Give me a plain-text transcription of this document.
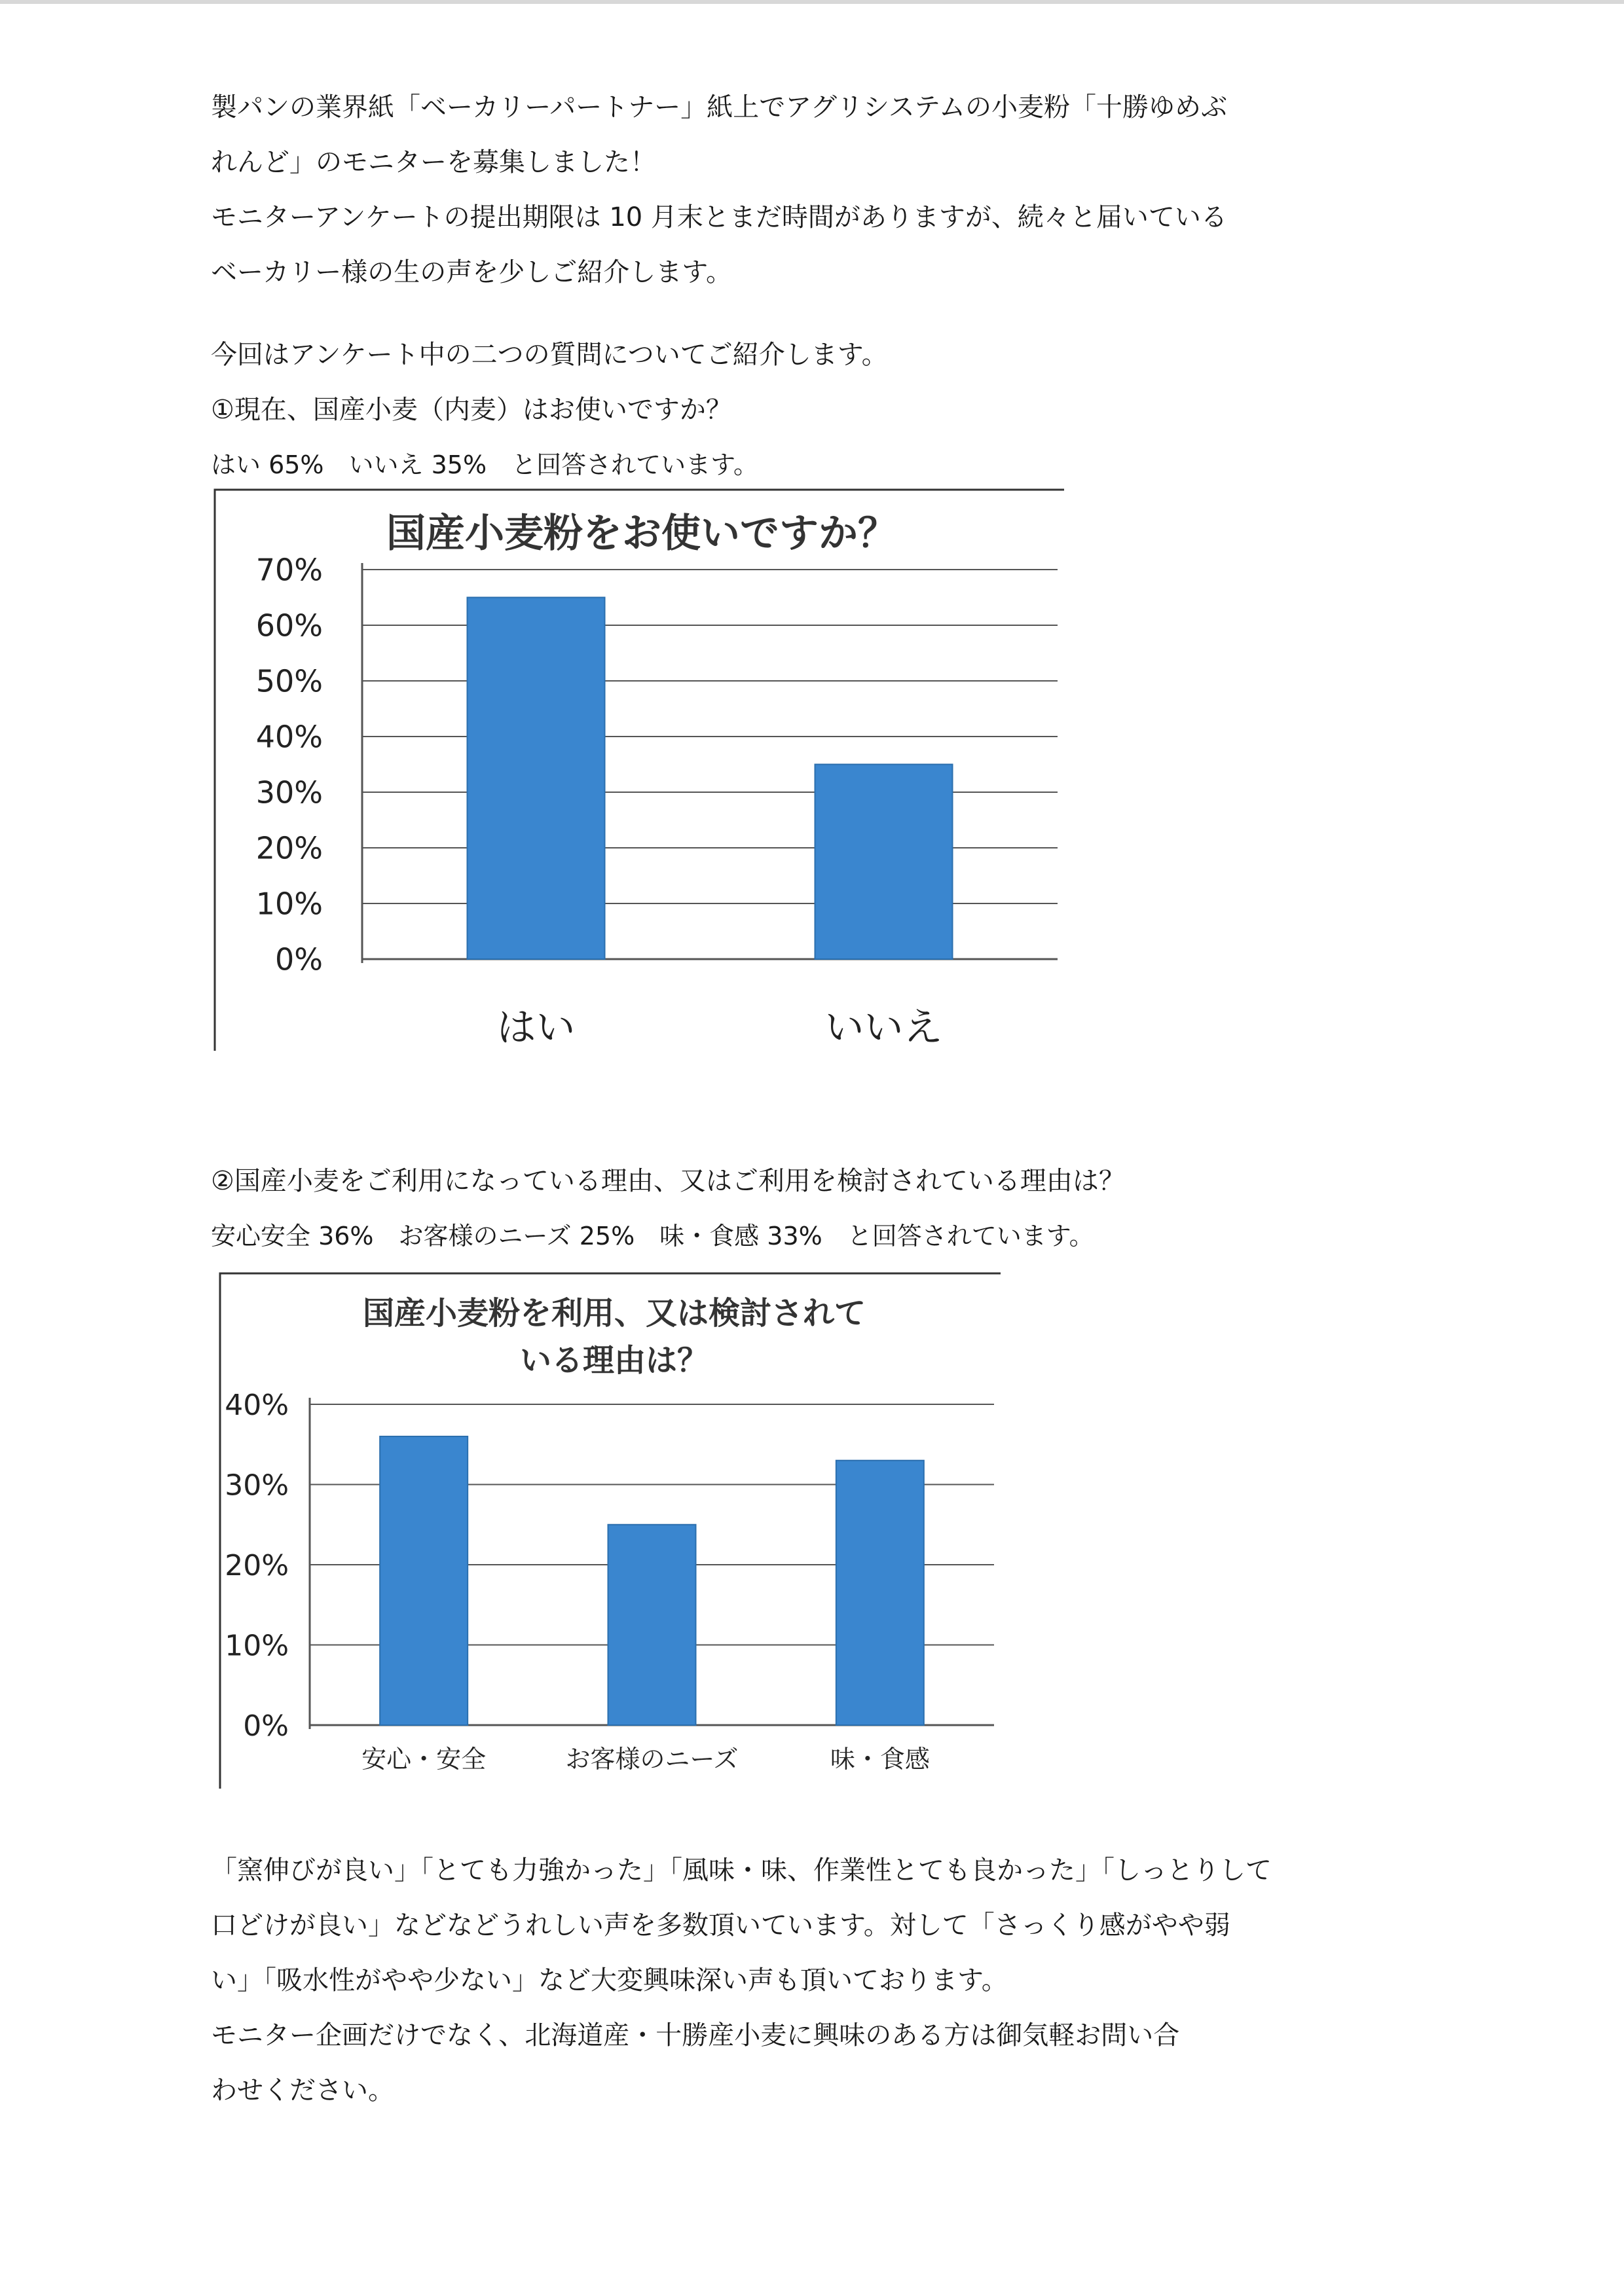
製パンの業界紙「ベーカリーパートナー」紙上でアグリシステムの小麦粉「十勝ゆめぶ

れんど」のモニターを募集しました！

モニターアンケートの提出期限は 10 月末とまだ時間がありますが、続々と届いている

ベーカリー様の生の声を少しご紹介します。

今回はアンケート中の二つの質問についてご紹介します。

①現在、国産小麦（内麦）はお使いですか？

はい 65%　いいえ 35%　と回答されています。

国産小麦粉をお使いですか？
0%
10%
20%
30%
40%
50%
60%
70%
はい	いいえ

②国産小麦をご利用になっている理由、又はご利用を検討されている理由は？

安心安全 36%　お客様のニーズ 25%　味・食感 33%　と回答されています。

国産小麦粉を利用、又は検討されて
いる理由は？
0%
10%
20%
30%
40%
安心・安全	お客様のニーズ	味・食感

「窯伸びが良い」「とても力強かった」「風味・味、作業性とても良かった」「しっとりして

口どけが良い」などなどうれしい声を多数頂いています。対して「さっくり感がやや弱

い」「吸水性がやや少ない」など大変興味深い声も頂いております。

モニター企画だけでなく、北海道産・十勝産小麦に興味のある方は御気軽お問い合

わせください。
